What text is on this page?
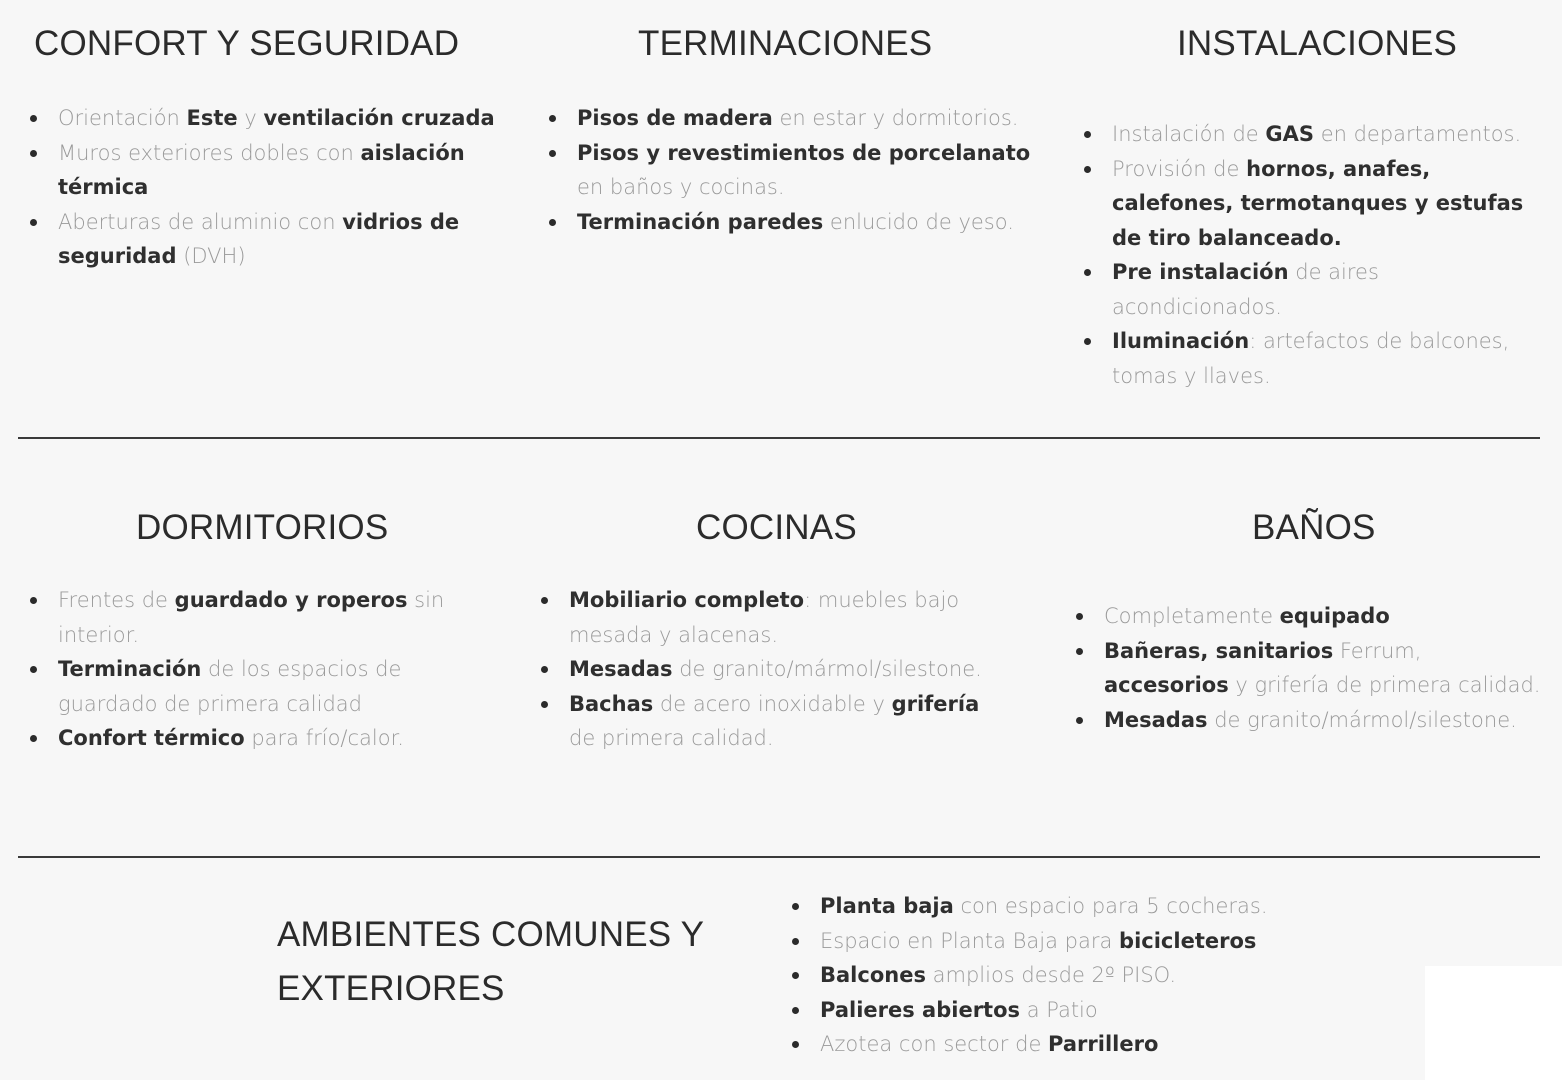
CONFORT Y SEGURIDAD
Orientación Este y ventilación cruzada
Muros exteriores dobles con aislación térmica
Aberturas de aluminio con vidrios de seguridad (DVH)
TERMINACIONES
Pisos de madera en estar y dormitorios.
Pisos y revestimientos de porcelanato en baños y cocinas.
Terminación paredes enlucido de yeso.
INSTALACIONES
Instalación de GAS en departamentos.
Provisión de hornos, anafes, calefones, termotanques y estufas de tiro balanceado.
Pre instalación de aires acondicionados.
Iluminación: artefactos de balcones, tomas y llaves.
DORMITORIOS
Frentes de guardado y roperos sin interior.
Terminación de los espacios de guardado de primera calidad
Confort térmico para frío/calor.
COCINAS
Mobiliario completo: muebles bajo mesada y alacenas.
Mesadas de granito/mármol/silestone.
Bachas de acero inoxidable y grifería de primera calidad.
BAÑOS
Completamente equipado
Bañeras, sanitarios Ferrum, accesorios y grifería de primera calidad.
Mesadas de granito/mármol/silestone.
AMBIENTES COMUNES Y EXTERIORES
Planta baja con espacio para 5 cocheras.
Espacio en Planta Baja para bicicleteros
Balcones amplios desde 2º PISO.
Palieres abiertos a Patio
Azotea con sector de Parrillero
